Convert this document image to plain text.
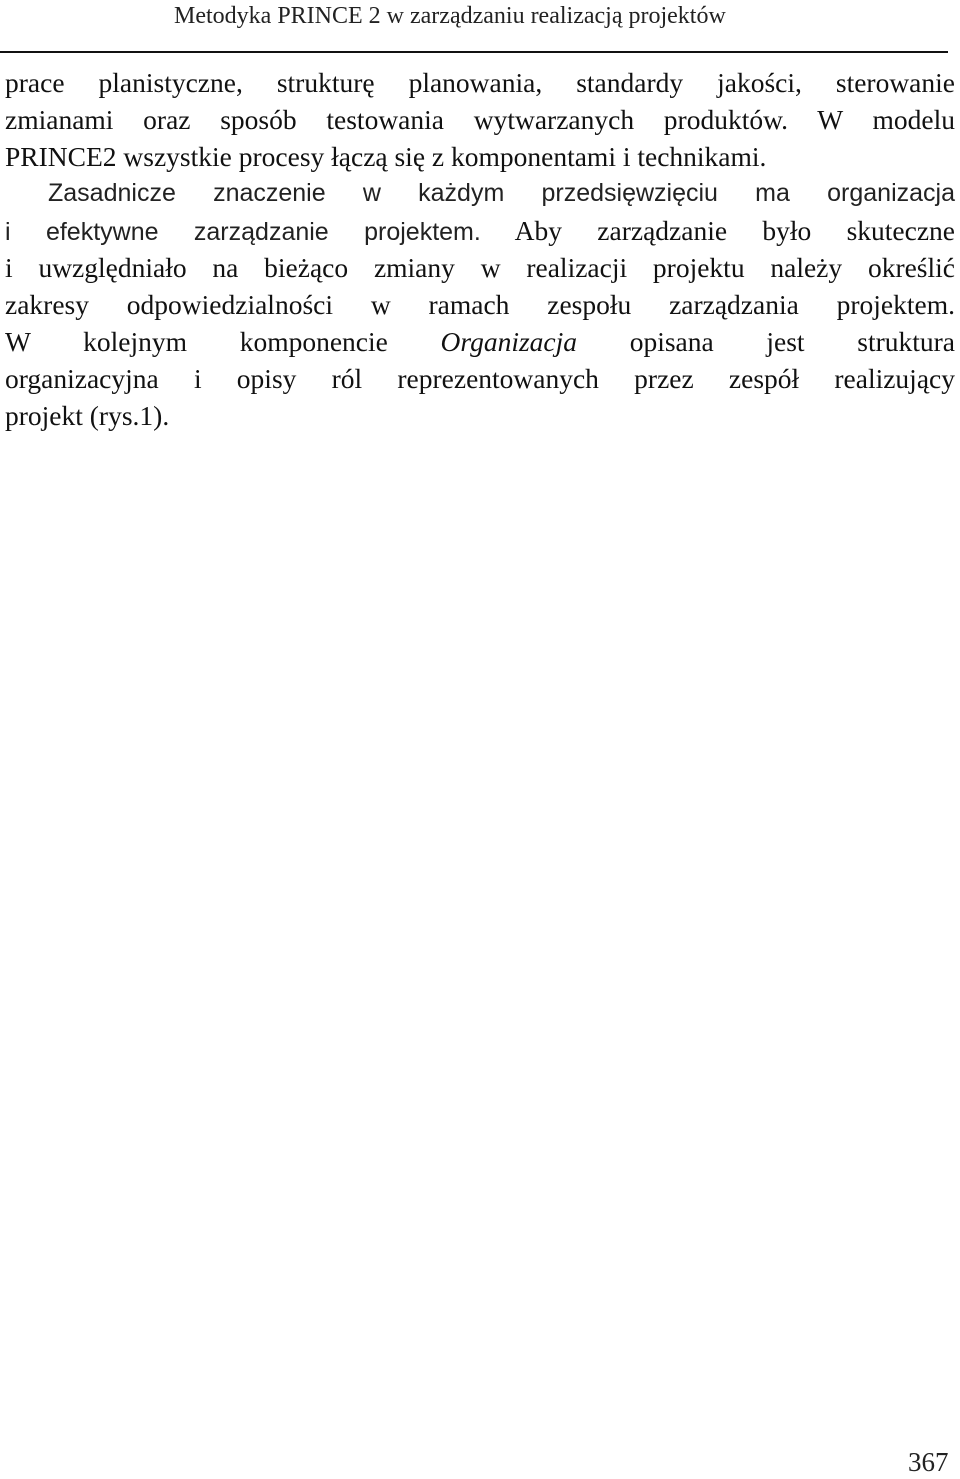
Metodyka PRINCE 2 w zarządzaniu realizacją projektów
prace planistyczne, strukturę planowania, standardy jakości, sterowanie
zmianami oraz sposób testowania wytwarzanych produktów. W modelu
PRINCE2 wszystkie procesy łączą się z komponentami i technikami.
Zasadnicze znaczenie w każdym przedsięwzięciu ma organizacja
i efektywne zarządzanie projektem. Aby zarządzanie było skuteczne
i uwzględniało na bieżąco zmiany w realizacji projektu należy określić
zakresy odpowiedzialności w ramach zespołu zarządzania projektem.
W kolejnym komponencie Organizacja opisana jest struktura
organizacyjna i opisy ról reprezentowanych przez zespół realizujący
projekt (rys.1).
367
